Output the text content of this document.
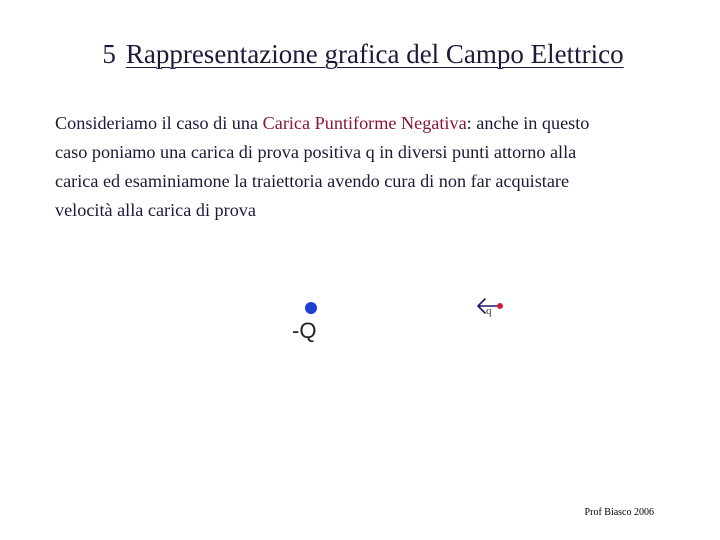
5 Rappresentazione grafica del Campo Elettrico
Consideriamo il caso di una Carica Puntiforme Negativa: anche in questo
caso poniamo una carica di prova positiva q in diversi punti attorno alla
carica ed esaminiamone la traiettoria avendo cura di non far acquistare
velocità alla carica di prova
-Q
q
Prof Biasco 2006
